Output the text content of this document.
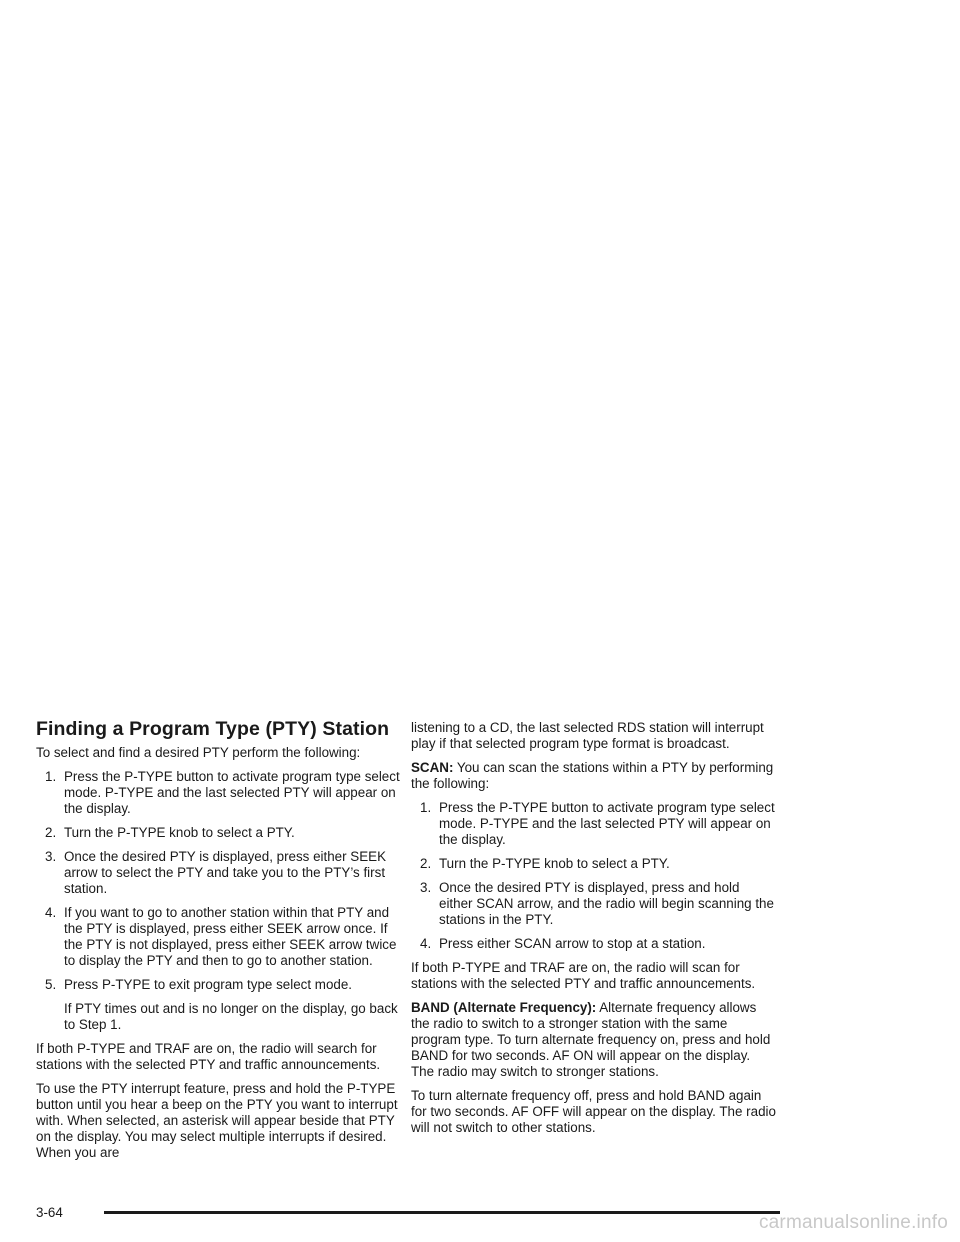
Finding a Program Type (PTY) Station

To select and find a desired PTY perform the following:

1. Press the P-TYPE button to activate program type select mode. P-TYPE and the last selected PTY will appear on the display.
2. Turn the P-TYPE knob to select a PTY.
3. Once the desired PTY is displayed, press either SEEK arrow to select the PTY and take you to the PTY’s first station.
4. If you want to go to another station within that PTY and the PTY is displayed, press either SEEK arrow once. If the PTY is not displayed, press either SEEK arrow twice to display the PTY and then to go to another station.
5. Press P-TYPE to exit program type select mode.

If PTY times out and is no longer on the display, go back to Step 1.

If both P-TYPE and TRAF are on, the radio will search for stations with the selected PTY and traffic announcements.

To use the PTY interrupt feature, press and hold the P-TYPE button until you hear a beep on the PTY you want to interrupt with. When selected, an asterisk will appear beside that PTY on the display. You may select multiple interrupts if desired. When you are

listening to a CD, the last selected RDS station will interrupt play if that selected program type format is broadcast.

SCAN: You can scan the stations within a PTY by performing the following:

1. Press the P-TYPE button to activate program type select mode. P-TYPE and the last selected PTY will appear on the display.
2. Turn the P-TYPE knob to select a PTY.
3. Once the desired PTY is displayed, press and hold either SCAN arrow, and the radio will begin scanning the stations in the PTY.
4. Press either SCAN arrow to stop at a station.

If both P-TYPE and TRAF are on, the radio will scan for stations with the selected PTY and traffic announcements.

BAND (Alternate Frequency): Alternate frequency allows the radio to switch to a stronger station with the same program type. To turn alternate frequency on, press and hold BAND for two seconds. AF ON will appear on the display. The radio may switch to stronger stations.

To turn alternate frequency off, press and hold BAND again for two seconds. AF OFF will appear on the display. The radio will not switch to other stations.

3-64	carmanualsonline.info
